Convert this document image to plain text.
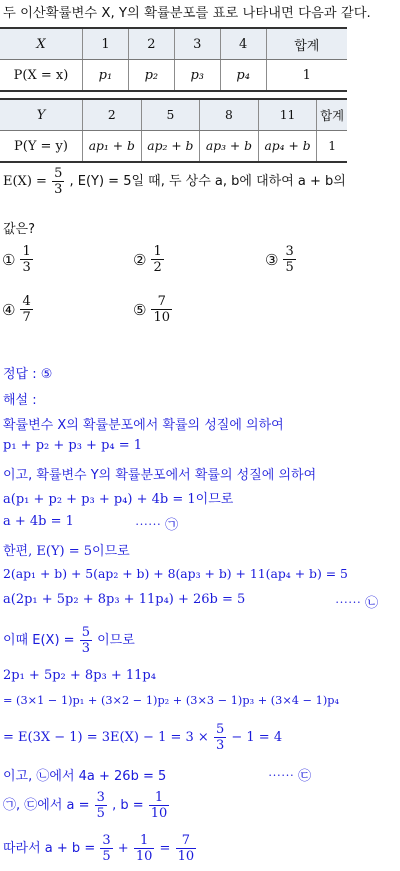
두 이산확률변수 X, Y의 확률분포를 표로 나타내면 다음과 같다.
X	1	2	3	4	합계
P(X = x)	p₁	p₂	p₃	p₄	1
Y	2	5	8	11	합계
P(Y = y)	ap₁ + b	ap₂ + b	ap₃ + b	ap₄ + b	1
$E(X) = \frac{5}{3}$ , E(Y) = 5일 때, 두 상수 a, b에 대하여 a + b의
값은?
① $\frac{1}{3}$	② $\frac{1}{2}$	③ $\frac{3}{5}$
④ $\frac{4}{7}$	⑤ $\frac{7}{10}$
정답 : ⑤
해설 :
확률변수 X의 확률분포에서 확률의 성질에 의하여
p₁ + p₂ + p₃ + p₄ = 1
이고, 확률변수 Y의 확률분포에서 확률의 성질에 의하여
a(p₁ + p₂ + p₃ + p₄) + 4b = 1이므로
a + 4b = 1	⋯⋯ ㉠
한편, E(Y) = 5이므로
2(ap₁ + b) + 5(ap₂ + b) + 8(ap₃ + b) + 11(ap₄ + b) = 5
a(2p₁ + 5p₂ + 8p₃ + 11p₄) + 26b = 5	⋯⋯ ㉡
이때 $E(X) = \frac{5}{3}$ 이므로
2p₁ + 5p₂ + 8p₃ + 11p₄
= (3×1 − 1)p₁ + (3×2 − 1)p₂ + (3×3 − 1)p₃ + (3×4 − 1)p₄
= $E(3X - 1) = 3E(X) - 1 = 3 \times \frac{5}{3} - 1 = 4$
이고, ㉡에서 4a + 26b = 5	⋯⋯ ㉢
㉠, ㉢에서 $a = \frac{3}{5}$ , $b = \frac{1}{10}$
따라서 $a + b = \frac{3}{5} + \frac{1}{10} = \frac{7}{10}$
